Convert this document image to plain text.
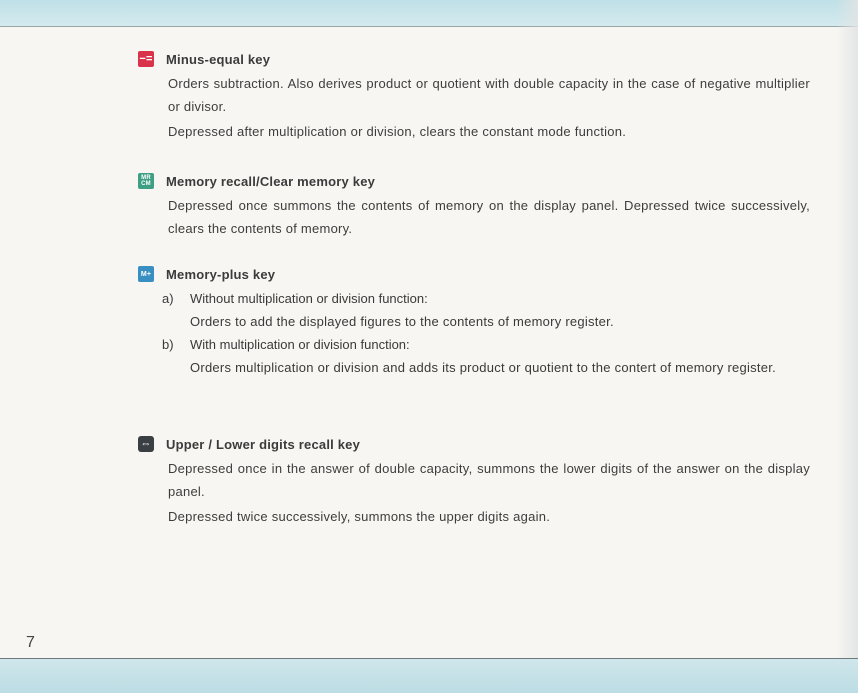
−= Minus-equal key
Orders subtraction. Also derives product or quotient with double capacity in the case of negative multiplier or divisor.
Depressed after multiplication or division, clears the constant mode function.
MR
CM Memory recall/Clear memory key
Depressed once summons the contents of memory on the display panel. Depressed twice successively, clears the contents of memory.
M+ Memory-plus key
a)	Without multiplication or division function:
Orders to add the displayed figures to the contents of memory register.
b)	With multiplication or division function:
Orders multiplication or division and adds its product or quotient to the contert of memory register.
⇔ Upper / Lower digits recall key
Depressed once in the answer of double capacity, summons the lower digits of the answer on the display panel.
Depressed twice successively, summons the upper digits again.
7
